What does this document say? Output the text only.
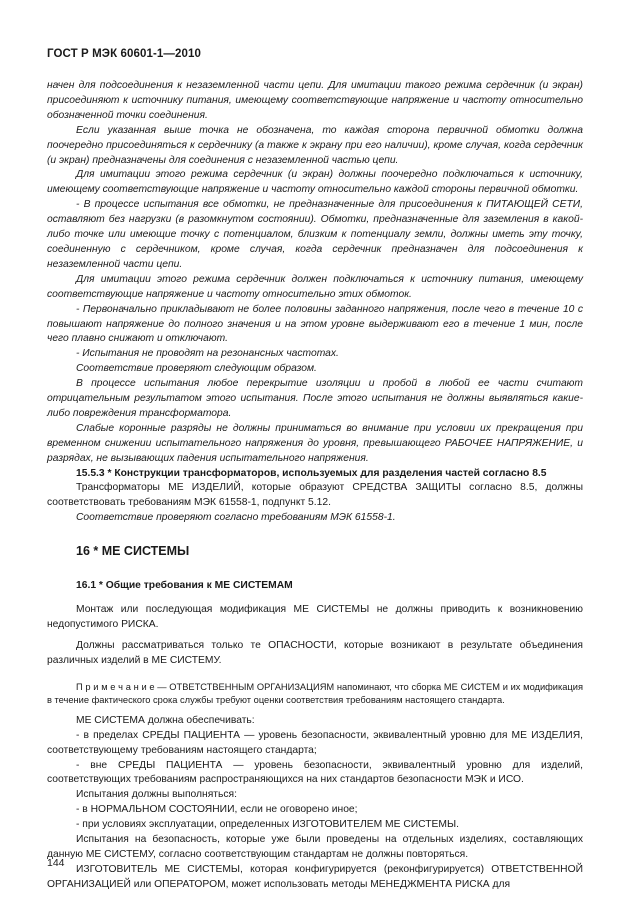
ГОСТ Р МЭК 60601-1—2010

начен для подсоединения к незаземленной части цепи. Для имитации такого режима сердечник (и экран) присоединяют к источнику питания, имеющему соответствующие напряжение и частоту относительно обозначенной точки соединения.

Если указанная выше точка не обозначена, то каждая сторона первичной обмотки должна поочередно присоединяться к сердечнику (а также к экрану при его наличии), кроме случая, когда сердечник (и экран) предназначены для соединения с незаземленной частью цепи.

Для имитации этого режима сердечник (и экран) должны поочередно подключаться к источнику, имеющему соответствующие напряжение и частоту относительно каждой стороны первичной обмотки.

- В процессе испытания все обмотки, не предназначенные для присоединения к ПИТАЮЩЕЙ СЕТИ, оставляют без нагрузки (в разомкнутом состоянии). Обмотки, предназначенные для заземления в какой-либо точке или имеющие точку с потенциалом, близким к потенциалу земли, должны иметь эту точку, соединенную с сердечником, кроме случая, когда сердечник предназначен для подсоединения к незаземленной части цепи.

Для имитации этого режима сердечник должен подключаться к источнику питания, имеющему соответствующие напряжение и частоту относительно этих обмоток.

- Первоначально прикладывают не более половины заданного напряжения, после чего в течение 10 с повышают напряжение до полного значения и на этом уровне выдерживают его в течение 1 мин, после чего плавно снижают и отключают.

- Испытания не проводят на резонансных частотах.

Соответствие проверяют следующим образом.

В процессе испытания любое перекрытие изоляции и пробой в любой ее части считают отрицательным результатом этого испытания. После этого испытания не должны выявляться какие-либо повреждения трансформатора.

Слабые коронные разряды не должны приниматься во внимание при условии их прекращения при временном снижении испытательного напряжения до уровня, превышающего РАБОЧЕЕ НАПРЯЖЕНИЕ, и разрядах, не вызывающих падения испытательного напряжения.

15.5.3 * Конструкции трансформаторов, используемых для разделения частей согласно 8.5

Трансформаторы МЕ ИЗДЕЛИЙ, которые образуют СРЕДСТВА ЗАЩИТЫ согласно 8.5, должны соответствовать требованиям МЭК 61558-1, подпункт 5.12.

Соответствие проверяют согласно требованиям МЭК 61558-1.

16 * МЕ СИСТЕМЫ
16.1 * Общие требования к МЕ СИСТЕМАМ

Монтаж или последующая модификация МЕ СИСТЕМЫ не должны приводить к возникновению недопустимого РИСКА.

Должны рассматриваться только те ОПАСНОСТИ, которые возникают в результате объединения различных изделий в МЕ СИСТЕМУ.

П р и м е ч а н и е — ОТВЕТСТВЕННЫМ ОРГАНИЗАЦИЯМ напоминают, что сборка МЕ СИСТЕМ и их модификация в течение фактического срока службы требуют оценки соответствия требованиям настоящего стандарта.

МЕ СИСТЕМА должна обеспечивать:

- в пределах СРЕДЫ ПАЦИЕНТА — уровень безопасности, эквивалентный уровню для МЕ ИЗДЕЛИЯ, соответствующему требованиям настоящего стандарта;

- вне СРЕДЫ ПАЦИЕНТА — уровень безопасности, эквивалентный уровню для изделий, соответствующих требованиям распространяющихся на них стандартов безопасности МЭК и ИСО.

Испытания должны выполняться:

- в НОРМАЛЬНОМ СОСТОЯНИИ, если не оговорено иное;

- при условиях эксплуатации, определенных ИЗГОТОВИТЕЛЕМ МЕ СИСТЕМЫ.

Испытания на безопасность, которые уже были проведены на отдельных изделиях, составляющих данную МЕ СИСТЕМУ, согласно соответствующим стандартам не должны повторяться.

ИЗГОТОВИТЕЛЬ МЕ СИСТЕМЫ, которая конфигурируется (реконфигурируется) ОТВЕТСТВЕННОЙ ОРГАНИЗАЦИЕЙ или ОПЕРАТОРОМ, может использовать методы МЕНЕДЖМЕНТА РИСКА для

144
